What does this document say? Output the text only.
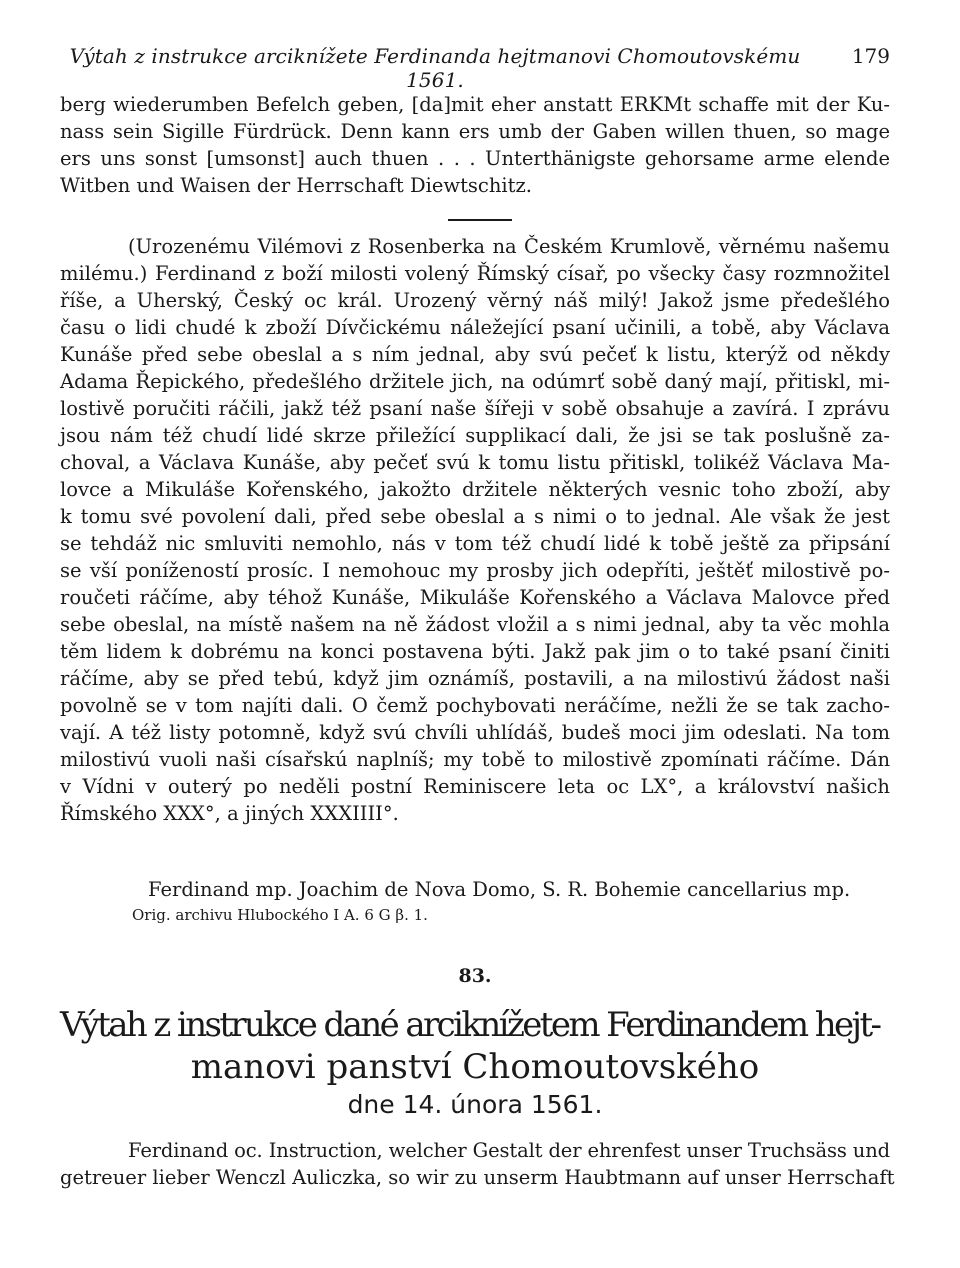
Výtah z instrukce arciknížete Ferdinanda hejtmanovi Chomoutovskému 1561.
179
berg wiederumben Befelch geben, [da]mit eher anstatt ERKMt schaffe mit der Ku-
nass sein Sigille Fürdrück. Denn kann ers umb der Gaben willen thuen, so mage
ers uns sonst [umsonst] auch thuen . . . Unterthänigste gehorsame arme elende
Witben und Waisen der Herrschaft Diewtschitz.
(Urozenému Vilémovi z Rosenberka na Českém Krumlově, věrnému našemu
milému.) Ferdinand z boží milosti volený Římský císař, po všecky časy rozmnožitel
říše, a Uherský, Český oc král. Urozený věrný náš milý! Jakož jsme předešlého
času o lidi chudé k zboží Dívčickému náležející psaní učinili, a tobě, aby Václava
Kunáše před sebe obeslal a s ním jednal, aby svú pečeť k listu, kterýž od někdy
Adama Řepického, předešlého držitele jich, na odúmrť sobě daný mají, přitiskl, mi-
lostivě poručiti ráčili, jakž též psaní naše šířeji v sobě obsahuje a zavírá. I zprávu
jsou nám též chudí lidé skrze přiležící supplikací dali, že jsi se tak poslušně za-
choval, a Václava Kunáše, aby pečeť svú k tomu listu přitiskl, tolikéž Václava Ma-
lovce a Mikuláše Kořenského, jakožto držitele některých vesnic toho zboží, aby
k tomu své povolení dali, před sebe obeslal a s nimi o to jednal. Ale však že jest
se tehdáž nic smluviti nemohlo, nás v tom též chudí lidé k tobě ještě za připsání
se vší ponížeností prosíc. I nemohouc my prosby jich odepříti, ještěť milostivě po-
roučeti ráčíme, aby téhož Kunáše, Mikuláše Kořenského a Václava Malovce před
sebe obeslal, na místě našem na ně žádost vložil a s nimi jednal, aby ta věc mohla
těm lidem k dobrému na konci postavena býti. Jakž pak jim o to také psaní činiti
ráčíme, aby se před tebú, když jim oznámíš, postavili, a na milostivú žádost naši
povolně se v tom najíti dali. O čemž pochybovati neráčíme, nežli že se tak zacho-
vají. A též listy potomně, když svú chvíli uhlídáš, budeš moci jim odeslati. Na tom
milostivú vuoli naši císařskú naplníš; my tobě to milostivě zpomínati ráčíme. Dán
v Vídni v outerý po neděli postní Reminiscere leta oc LX°, a království našich
Římského XXX°, a jiných XXXIIII°.
Ferdinand mp. Joachim de Nova Domo, S. R. Bohemie cancellarius mp.
Orig. archivu Hlubockého I A. 6 G β. 1.
83.
Výtah z instrukce dané arciknížetem Ferdinandem hejt-
manovi panství Chomoutovského
dne 14. února 1561.
Ferdinand oc. Instruction, welcher Gestalt der ehrenfest unser Truchsäss und
getreuer lieber Wenczl Auliczka, so wir zu unserm Haubtmann auf unser Herrschaft
